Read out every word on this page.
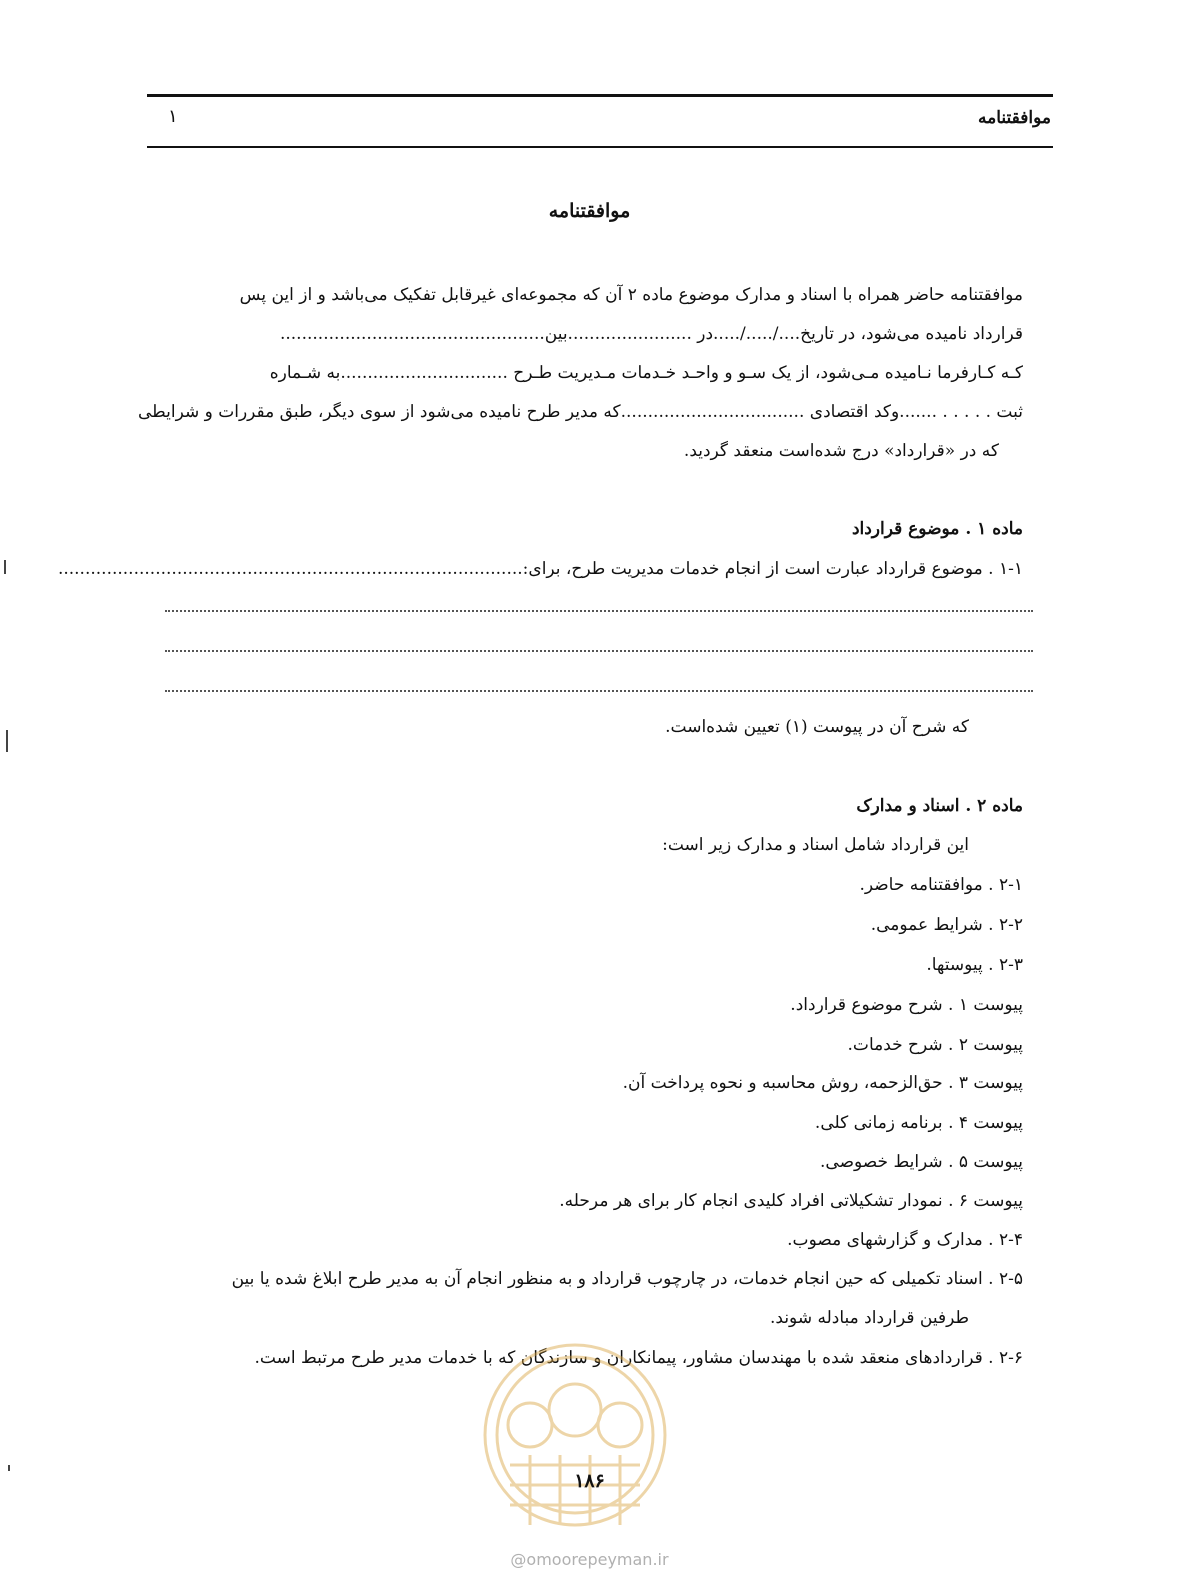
موافقتنامه
۱
موافقتنامه
موافقتنامه حاضر همراه با اسناد و مدارک موضوع ماده ۲ آن که مجموعه‌ای غیرقابل تفکیک می‌باشد و از این پس
قرارداد نامیده می‌شود، در تاریخ..../...../.....در .......................بین.................................................
کـه کـارفرما نـامیده مـی‌شود، از یک سـو و واحـد خـدمات مـدیریت طـرح ...............................به شـماره
ثبت . . . . . .......وکد اقتصادی ..................................که مدیر طرح نامیده می‌شود از سوی دیگر، طبق مقررات و شرایطی
که در «قرارداد» درج شده‌است منعقد گردید.
ماده ۱ . موضوع قرارداد
۱-۱ . موضوع قرارداد عبارت است از انجام خدمات مدیریت طرح، برای:......................................................................................
که شرح آن در پیوست (۱) تعیین شده‌است.
ماده ۲ . اسناد و مدارک
این قرارداد شامل اسناد و مدارک زیر است:
۲-۱ . موافقتنامه حاضر.
۲-۲ . شرایط عمومی.
۲-۳ . پیوستها.
پیوست ۱ . شرح موضوع قرارداد.
پیوست ۲ . شرح خدمات.
پیوست ۳ . حق‌الزحمه، روش محاسبه و نحوه پرداخت آن.
پیوست ۴ . برنامه زمانی کلی.
پیوست ۵ . شرایط خصوصی.
پیوست ۶ . نمودار تشکیلاتی افراد کلیدی انجام کار برای هر مرحله.
۲-۴ . مدارک و گزارشهای مصوب.
۲-۵ . اسناد تکمیلی که حین انجام خدمات، در چارچوب قرارداد و به منظور انجام آن به مدیر طرح ابلاغ شده یا بین
طرفین قرارداد مبادله شوند.
۲-۶ . قراردادهای منعقد شده با مهندسان مشاور، پیمانکاران و سازندگان که با خدمات مدیر طرح مرتبط است.
۱۸۶
@omoorepeyman.ir
